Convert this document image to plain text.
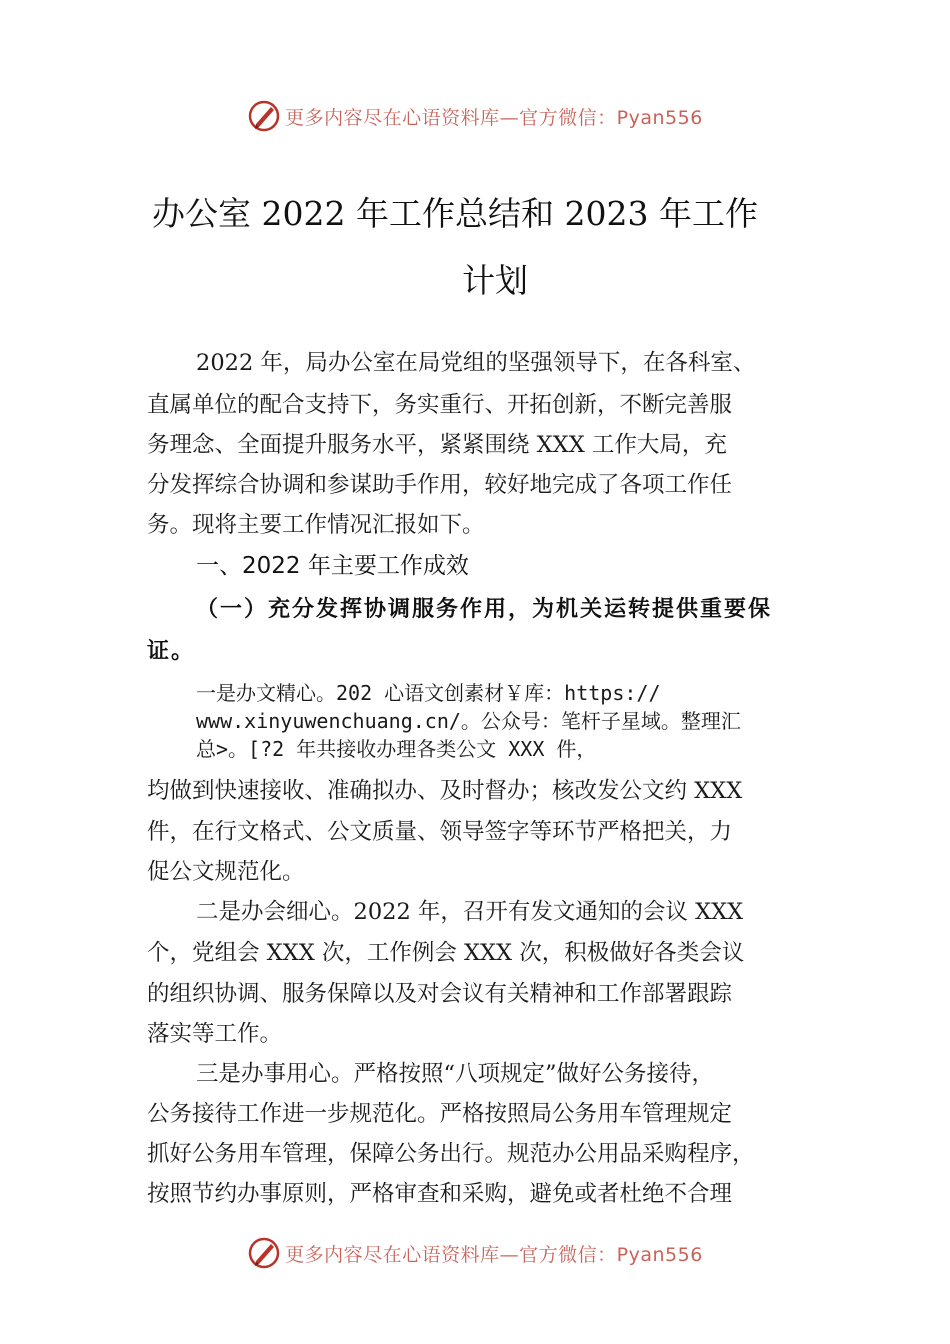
更多内容尽在心语资料库—官方微信：Pyan556
办公室 2022 年工作总结和 2023 年工作
计划
2022 年，局办公室在局党组的坚强领导下，在各科室、
直属单位的配合支持下，务实重行、开拓创新，不断完善服
务理念、全面提升服务水平，紧紧围绕 XXX 工作大局，充
分发挥综合协调和参谋助手作用，较好地完成了各项工作任
务。现将主要工作情况汇报如下。
一、2022 年主要工作成效
（一）充分发挥协调服务作用，为机关运转提供重要保
证。
一是办文精心。202 心语文创素材￥库：https://
www.xinyuwenchuang.cn/。公众号：笔杆子星域。整理汇
总>。[?2 年共接收办理各类公文 XXX 件，
均做到快速接收、准确拟办、及时督办；核改发公文约 XXX
件，在行文格式、公文质量、领导签字等环节严格把关，力
促公文规范化。
二是办会细心。2022 年，召开有发文通知的会议 XXX
个，党组会 XXX 次，工作例会 XXX 次，积极做好各类会议
的组织协调、服务保障以及对会议有关精神和工作部署跟踪
落实等工作。
三是办事用心。严格按照“八项规定”做好公务接待，
公务接待工作进一步规范化。严格按照局公务用车管理规定
抓好公务用车管理，保障公务出行。规范办公用品采购程序，
按照节约办事原则，严格审查和采购，避免或者杜绝不合理
更多内容尽在心语资料库—官方微信：Pyan556
